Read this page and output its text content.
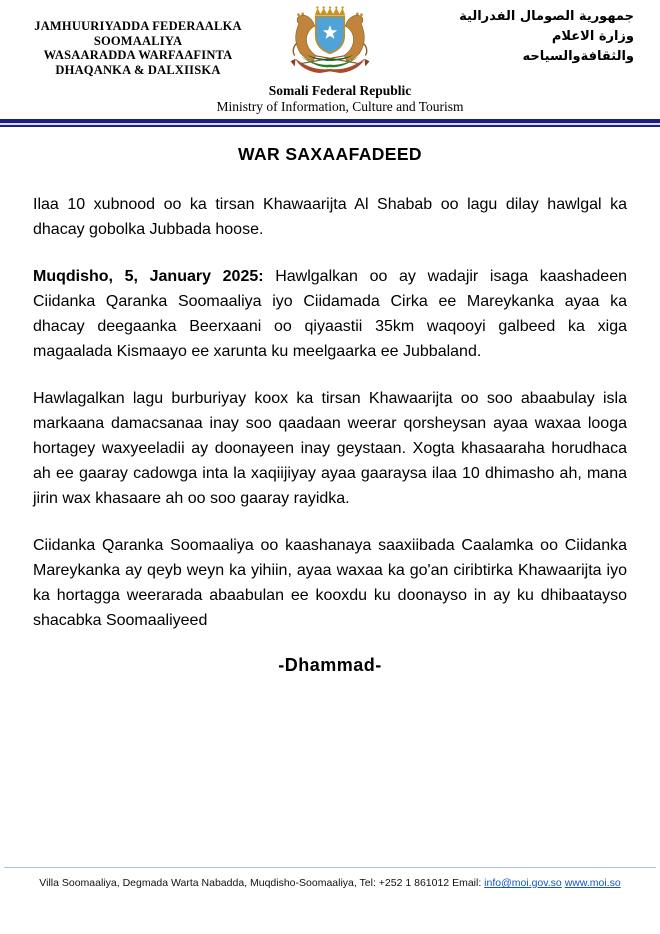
JAMHUURIYADDA FEDERAALKA
SOOMAALIYA
WASAARADDA WARFAAFINTA
DHAQANKA & DALXIISKA
جمهورية الصومال الفدرالية
وزارة الاعلام
والثقافةوالسياحه
Somali Federal Republic
Ministry of Information, Culture and Tourism
WAR SAXAAFADEED

Ilaa 10 xubnood oo ka tirsan Khawaarijta Al Shabab oo lagu dilay hawlgal ka dhacay gobolka Jubbada hoose.

Muqdisho, 5, January 2025: Hawlgalkan oo ay wadajir isaga kaashadeen Ciidanka Qaranka Soomaaliya iyo Ciidamada Cirka ee Mareykanka ayaa ka dhacay deegaanka Beerxaani oo qiyaastii 35km waqooyi galbeed ka xiga magaalada Kismaayo ee xarunta ku meelgaarka ee Jubbaland.

Hawlagalkan lagu burburiyay koox ka tirsan Khawaarijta oo soo abaabulay isla markaana damacsanaa inay soo qaadaan weerar qorsheysan ayaa waxaa looga hortagey waxyeeladii ay doonayeen inay geystaan. Xogta khasaaraha horudhaca ah ee gaaray cadowga inta la xaqiijiyay ayaa gaaraysa ilaa 10 dhimasho ah, mana jirin wax khasaare ah oo soo gaaray rayidka.

Ciidanka Qaranka Soomaaliya oo kaashanaya saaxiibada Caalamka oo Ciidanka Mareykanka ay qeyb weyn ka yihiin, ayaa waxaa ka go'an ciribtirka Khawaarijta iyo ka hortagga weerarada abaabulan ee kooxdu ku doonayso in ay ku dhibaatayso shacabka Soomaaliyeed

-Dhammad-
Villa Soomaaliya, Degmada Warta Nabadda, Muqdisho-Soomaaliya, Tel: +252 1 861012 Email: info@moi.gov.so www.moi.so
